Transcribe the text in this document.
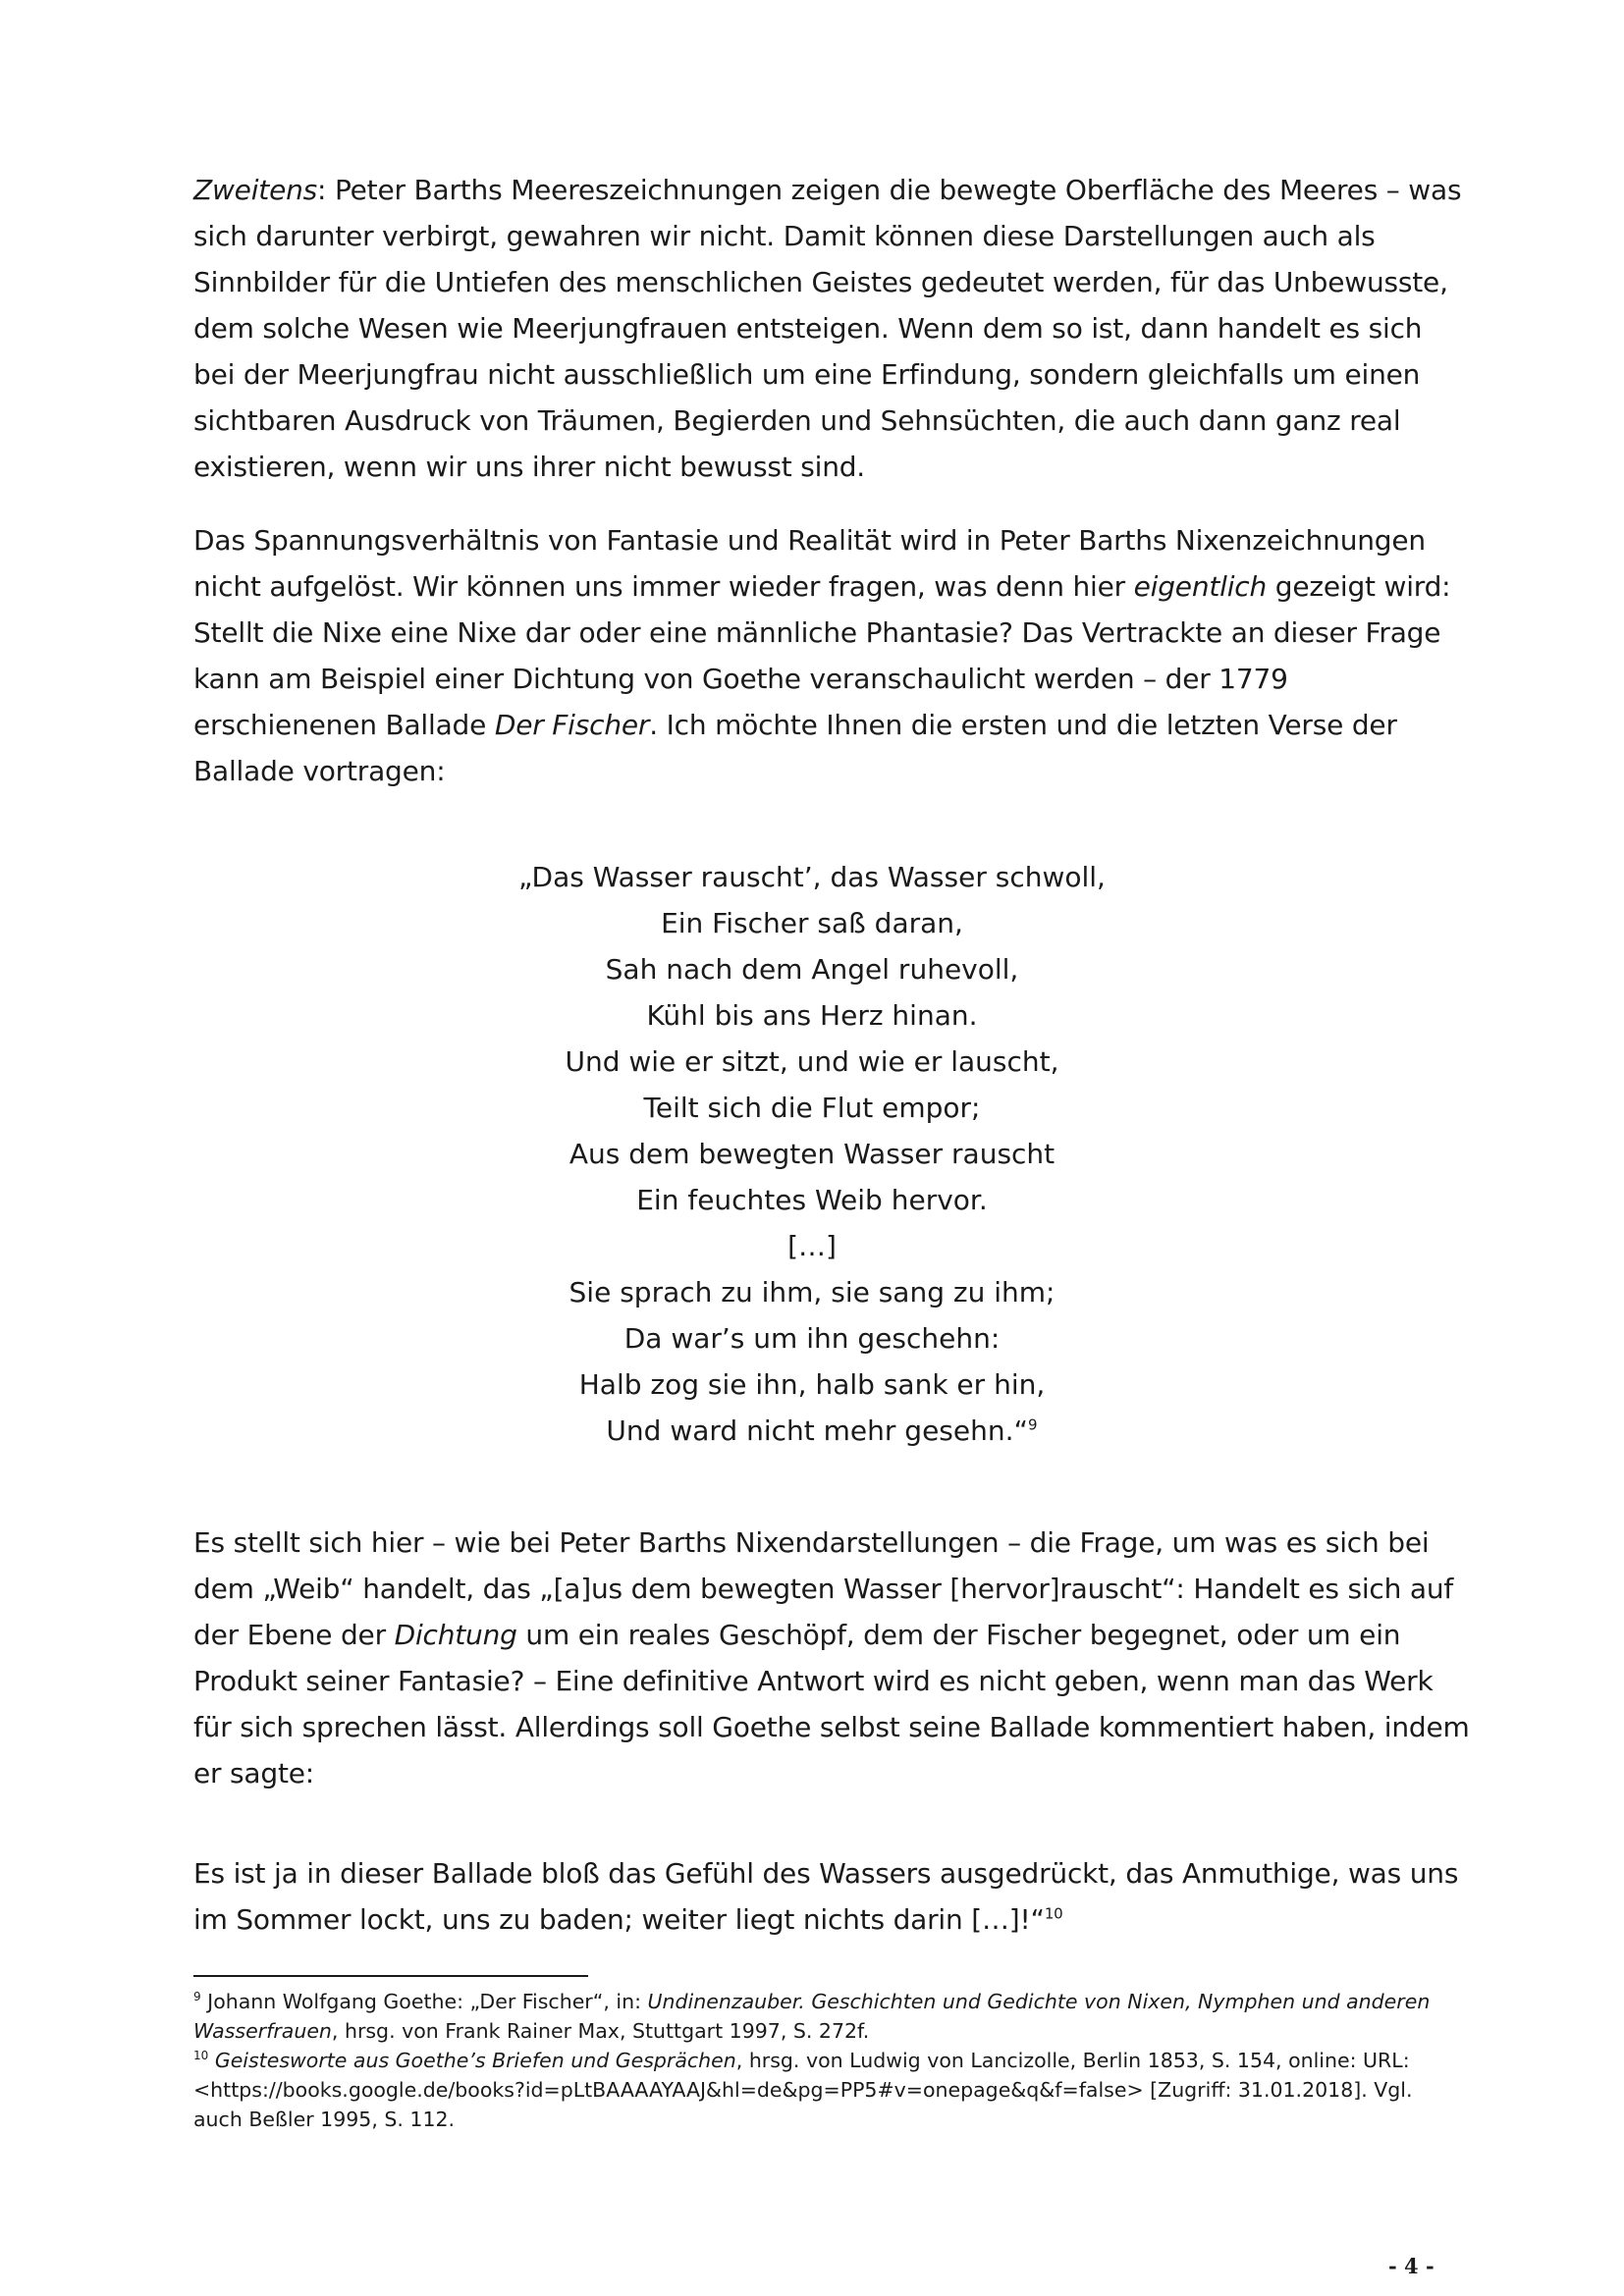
Zweitens: Peter Barths Meereszeichnungen zeigen die bewegte Oberfläche des Meeres – was sich darunter verbirgt, gewahren wir nicht. Damit können diese Darstellungen auch als Sinnbilder für die Untiefen des menschlichen Geistes gedeutet werden, für das Unbewusste, dem solche Wesen wie Meerjungfrauen entsteigen. Wenn dem so ist, dann handelt es sich bei der Meerjungfrau nicht ausschließlich um eine Erfindung, sondern gleichfalls um einen sichtbaren Ausdruck von Träumen, Begierden und Sehnsüchten, die auch dann ganz real existieren, wenn wir uns ihrer nicht bewusst sind.

Das Spannungsverhältnis von Fantasie und Realität wird in Peter Barths Nixenzeichnungen nicht aufgelöst. Wir können uns immer wieder fragen, was denn hier eigentlich gezeigt wird: Stellt die Nixe eine Nixe dar oder eine männliche Phantasie? Das Vertrackte an dieser Frage kann am Beispiel einer Dichtung von Goethe veranschaulicht werden – der 1779 erschienenen Ballade Der Fischer. Ich möchte Ihnen die ersten und die letzten Verse der Ballade vortragen:

„Das Wasser rauscht’, das Wasser schwoll,
Ein Fischer saß daran,
Sah nach dem Angel ruhevoll,
Kühl bis ans Herz hinan.
Und wie er sitzt, und wie er lauscht,
Teilt sich die Flut empor;
Aus dem bewegten Wasser rauscht
Ein feuchtes Weib hervor.
[…]
Sie sprach zu ihm, sie sang zu ihm;
Da war’s um ihn geschehn:
Halb zog sie ihn, halb sank er hin,
Und ward nicht mehr gesehn.“$^9$

Es stellt sich hier – wie bei Peter Barths Nixendarstellungen – die Frage, um was es sich bei dem „Weib“ handelt, das „[a]us dem bewegten Wasser [hervor]rauscht“: Handelt es sich auf der Ebene der Dichtung um ein reales Geschöpf, dem der Fischer begegnet, oder um ein Produkt seiner Fantasie? – Eine definitive Antwort wird es nicht geben, wenn man das Werk für sich sprechen lässt. Allerdings soll Goethe selbst seine Ballade kommentiert haben, indem er sagte:

Es ist ja in dieser Ballade bloß das Gefühl des Wassers ausgedrückt, das Anmuthige, was uns im Sommer lockt, uns zu baden; weiter liegt nichts darin […]!“$^{10}$

$^9$ Johann Wolfgang Goethe: „Der Fischer“, in: Undinenzauber. Geschichten und Gedichte von Nixen, Nymphen und anderen Wasserfrauen, hrsg. von Frank Rainer Max, Stuttgart 1997, S. 272f.

$^{10}$ Geistesworte aus Goethe’s Briefen und Gesprächen, hrsg. von Ludwig von Lancizolle, Berlin 1853, S. 154, online: URL: <https://books.google.de/books?id=pLtBAAAAYAAJ&hl=de&pg=PP5#v=onepage&q&f=false> [Zugriff: 31.01.2018]. Vgl. auch Beßler 1995, S. 112.

- 4 -
